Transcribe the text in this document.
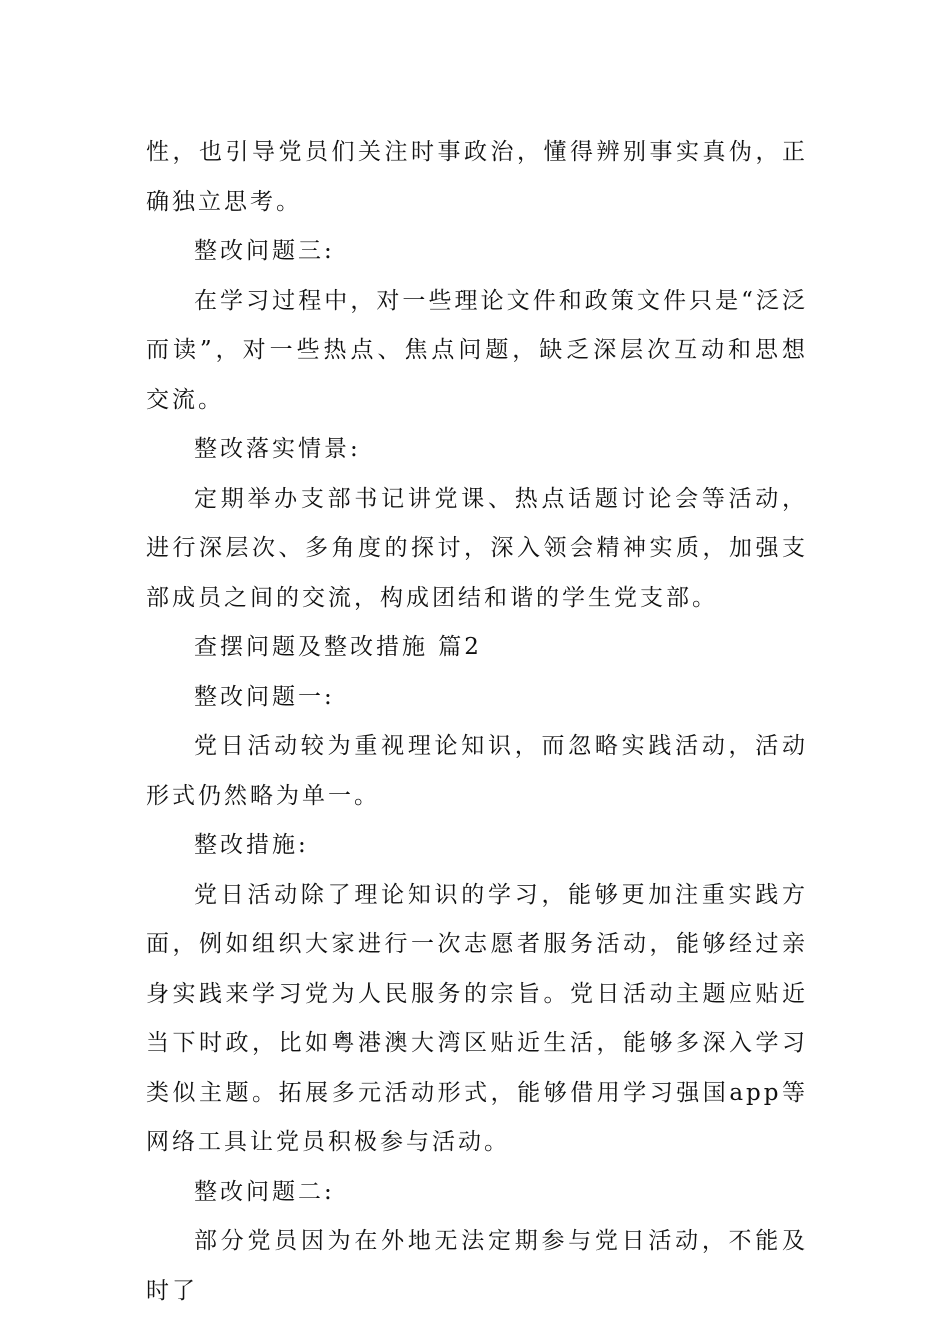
性，也引导党员们关注时事政治，懂得辨别事实真伪，正确独立思考。

整改问题三:

在学习过程中，对一些理论文件和政策文件只是“泛泛而读”，对一些热点、焦点问题，缺乏深层次互动和思想交流。

整改落实情景:

定期举办支部书记讲党课、热点话题讨论会等活动，进行深层次、多角度的探讨，深入领会精神实质，加强支部成员之间的交流，构成团结和谐的学生党支部。

查摆问题及整改措施 篇2

整改问题一:

党日活动较为重视理论知识，而忽略实践活动，活动形式仍然略为单一。

整改措施:

党日活动除了理论知识的学习，能够更加注重实践方面，例如组织大家进行一次志愿者服务活动，能够经过亲身实践来学习党为人民服务的宗旨。党日活动主题应贴近当下时政，比如粤港澳大湾区贴近生活，能够多深入学习类似主题。拓展多元活动形式，能够借用学习强国app等网络工具让党员积极参与活动。

整改问题二:

部分党员因为在外地无法定期参与党日活动，不能及时了
